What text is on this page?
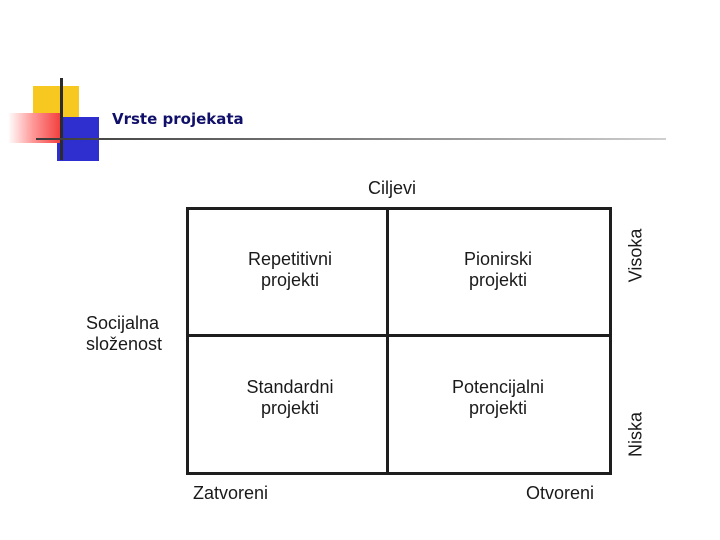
Vrste projekata
Ciljevi
Repetitivni
projekti
Pionirski
projekti
Standardni
projekti
Potencijalni
projekti
Socijalna
složenost
Visoka
Niska
Zatvoreni	Otvoreni
